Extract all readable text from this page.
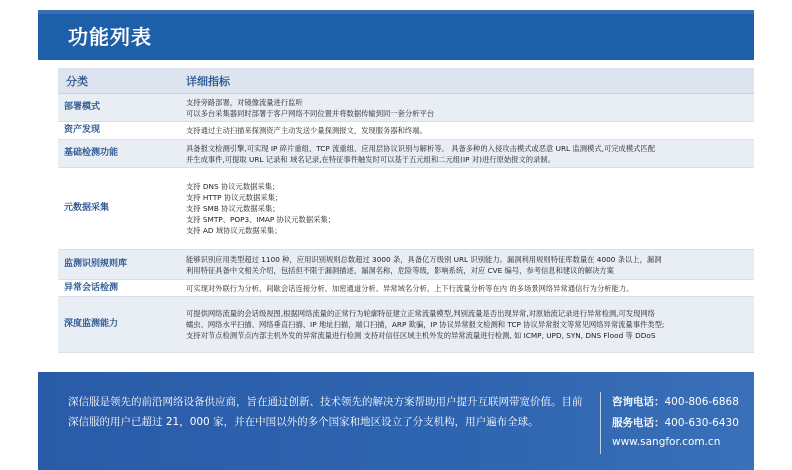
功能列表
分类	详细指标

部署模式	支持旁路部署，对镜像流量进行监听
可以多台采集器同时部署于客户网络不同位置并将数据传输到同一套分析平台

资产发现	支持通过主动扫描来探测资产主动发送少量探测报文，发现服务器和终端。

基础检测功能	具备报文检测引擎,可实现 IP 碎片重组、TCP 流重组、应用层协议识别与解析等。 具备多种的入侵攻击模式或恶意 URL 监测模式,可完成模式匹配
并生成事件,可提取 URL 记录和 域名记录,在特征事件触发时可以基于五元组和二元组(IP 对)进行原始报文的录制。

元数据采集	支持 DNS 协议元数据采集；
支持 HTTP 协议元数据采集；
支持 SMB 协议元数据采集；
支持 SMTP、POP3、IMAP 协议元数据采集；
支持 AD 域协议元数据采集；

监测识别规则库	能够识别应用类型超过 1100 种，应用识别规则总数超过 3000 条，具备亿万级别 URL 识别能力。漏洞利用规则特征库数量在 4000 条以上，漏洞
利用特征具备中文相关介绍，包括但不限于漏洞描述，漏洞名称，危险等级，影响系统，对应 CVE 编号，参考信息和建议的解决方案

异常会话检测	可实现对外联行为分析、间歇会话连接分析、加密通道分析、异常域名分析、上下行流量分析等在内 的多场景网络异常通信行为分析能力。

深度监测能力	可提供网络流量的会话级视图,根据网络流量的正常行为轮廓特征建立正常流量模型,判别流量是否出现异常,对原始流记录进行异常检测,可发现网络
蠕虫、网络水平扫描、网络垂直扫描、IP 地址扫描，端口扫描，ARP 欺骗，IP 协议异常报文检测和 TCP 协议异常报文等常见网络异常流量事件类型;
支持对节点检测节点内部主机外发的异常流量进行检测 支持对信任区域主机外发的异常流量进行检测, 如 ICMP, UPD, SYN, DNS Flood 等 DDoS
深信服是领先的前沿网络设备供应商，旨在通过创新、技术领先的解决方案帮助用户提升互联网带宽价值。目前深信服的用户已超过 21，000 家，并在中国以外的多个国家和地区设立了分支机构，用户遍布全球。
咨询电话：400-806-6868
服务电话：400-630-6430
www.sangfor.com.cn
